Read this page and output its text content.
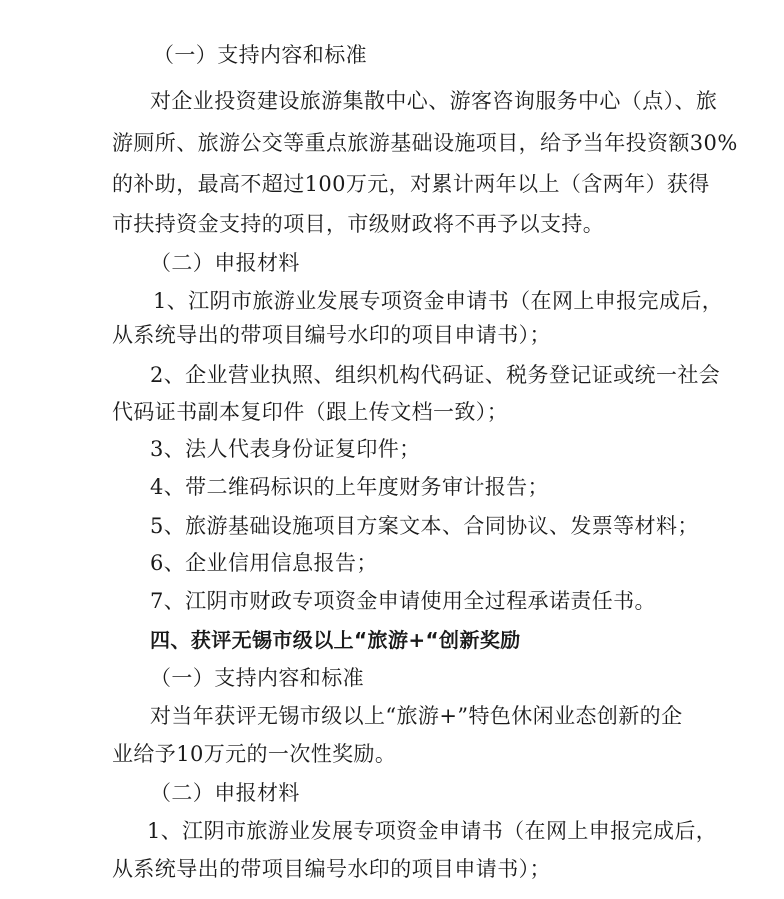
（一）支持内容和标准
对企业投资建设旅游集散中心、游客咨询服务中心（点）、旅
游厕所、旅游公交等重点旅游基础设施项目，给予当年投资额30%
的补助，最高不超过100万元，对累计两年以上（含两年）获得
市扶持资金支持的项目，市级财政将不再予以支持。
（二）申报材料
1、江阴市旅游业发展专项资金申请书（在网上申报完成后，
从系统导出的带项目编号水印的项目申请书）；
2、企业营业执照、组织机构代码证、税务登记证或统一社会
代码证书副本复印件（跟上传文档一致）；
3、法人代表身份证复印件；
4、带二维码标识的上年度财务审计报告；
5、旅游基础设施项目方案文本、合同协议、发票等材料；
6、企业信用信息报告；
7、江阴市财政专项资金申请使用全过程承诺责任书。
四、获评无锡市级以上“旅游+“创新奖励
（一）支持内容和标准
对当年获评无锡市级以上“旅游+”特色休闲业态创新的企
业给予10万元的一次性奖励。
（二）申报材料
1、江阴市旅游业发展专项资金申请书（在网上申报完成后，
从系统导出的带项目编号水印的项目申请书）；
